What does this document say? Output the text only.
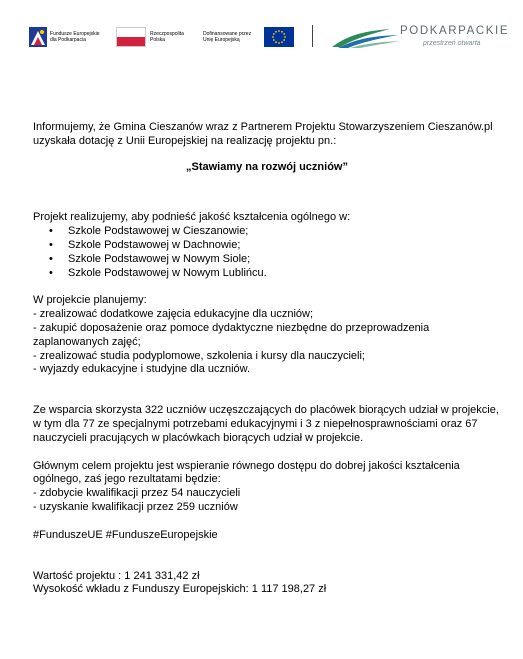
Fundusze Europejskie
dla Podkarpacia
Rzeczpospolita
Polska
Dofinansowane przez
Unię Europejską
PODKARPACKIE
przestrzeń otwarta

Informujemy, że Gmina Cieszanów wraz z Partnerem Projektu Stowarzyszeniem Cieszanów.pl uzyskała dotację z Unii Europejskiej na realizację projektu pn.:

„Stawiamy na rozwój uczniów”

Projekt realizujemy, aby podnieść jakość kształcenia ogólnego w:

• Szkole Podstawowej w Cieszanowie;
• Szkole Podstawowej w Dachnowie;
• Szkole Podstawowej w Nowym Siole;
• Szkole Podstawowej w Nowym Lublińcu.

W projekcie planujemy:

- zrealizować dodatkowe zajęcia edukacyjne dla uczniów;

- zakupić doposażenie oraz pomoce dydaktyczne niezbędne do przeprowadzenia zaplanowanych zajęć;

- zrealizować studia podyplomowe, szkolenia i kursy dla nauczycieli;

- wyjazdy edukacyjne i studyjne dla uczniów.

Ze wsparcia skorzysta 322 uczniów uczęszczających do placówek biorących udział w projekcie, w tym dla 77 ze specjalnymi potrzebami edukacyjnymi i 3 z niepełnosprawnościami oraz 67 nauczycieli pracujących w placówkach biorących udział w projekcie.

Głównym celem projektu jest wspieranie równego dostępu do dobrej jakości kształcenia ogólnego, zaś jego rezultatami będzie:

- zdobycie kwalifikacji przez 54 nauczycieli

- uzyskanie kwalifikacji przez 259 uczniów

#FunduszeUE #FunduszeEuropejskie

Wartość projektu : 1 241 331,42 zł

Wysokość wkładu z Funduszy Europejskich: 1 117 198,27 zł
